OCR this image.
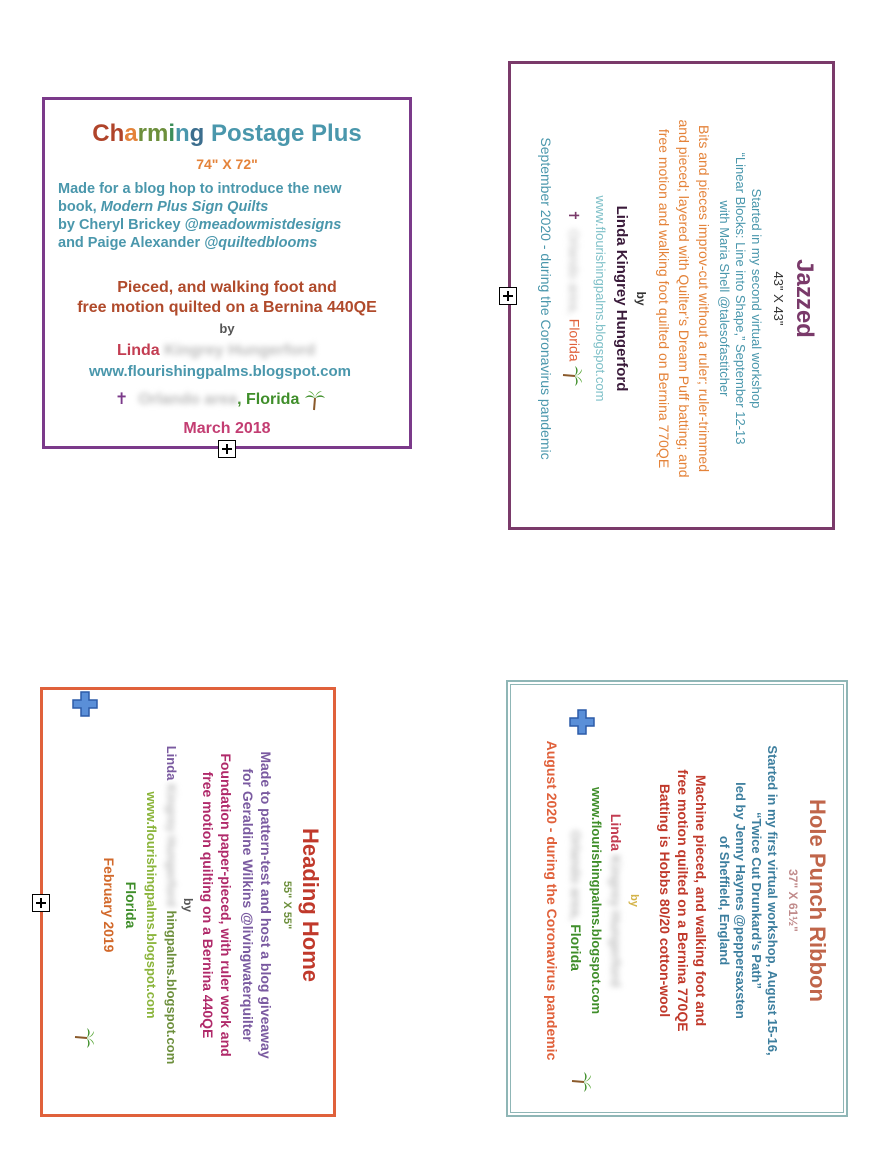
Charming Postage Plus
74" X 72"
Made for a blog hop to introduce the new
book, Modern Plus Sign Quilts
by Cheryl Brickey @meadowmistdesigns
and Paige Alexander @quiltedblooms
Pieced, and walking foot and
free motion quilted on a Bernina 440QE
by
Linda Kingrey Hungerford
www.flourishingpalms.blogspot.com
✝ Orlando area, Florida
March 2018
Jazzed
43" X 43"
Started in my second virtual workshop
“Linear Blocks: Line into Shape,” September 12-13
with Maria Shell @talesofastitcher
Bits and pieces improv-cut without a ruler; ruler-trimmed
and pieced; layered with Quilter’s Dream Puff batting; and
free motion and walking foot quilted on Bernina 770QE
by
Linda Kingrey Hungerford
www.flourishingpalms.blogspot.com
✝Orlando area, Florida
September 2020 - during the Coronavirus pandemic
Heading Home
55" X 55"
Made to pattern-test and host a blog giveaway
for Geraldine Wilkins @livingwaterquilter
Foundation paper-pieced, with ruler work and
free motion quilting on a Bernina 440QE
by
Linda Kingrey Hungerford hingpalms.blogspot.com
www.flourishingpalms.blogspot.com
Florida
February 2019
	Hole Punch Ribbon
37" X 61½"
Started in my first virtual workshop, August 15-16,
“Twice Cut Drunkard’s Path”
led by Jenny Haynes @peppersaxsten
of Sheffield, England
Machine pieced, and walking foot and
free motion quilted on a Bernina 770QE
Batting is Hobbs 80/20 cotton-wool
by
Linda Kingrey Hungerford
www.flourishingpalms.blogspot.com
Orlando area, Florida
August 2020 - during the Coronavirus pandemic
